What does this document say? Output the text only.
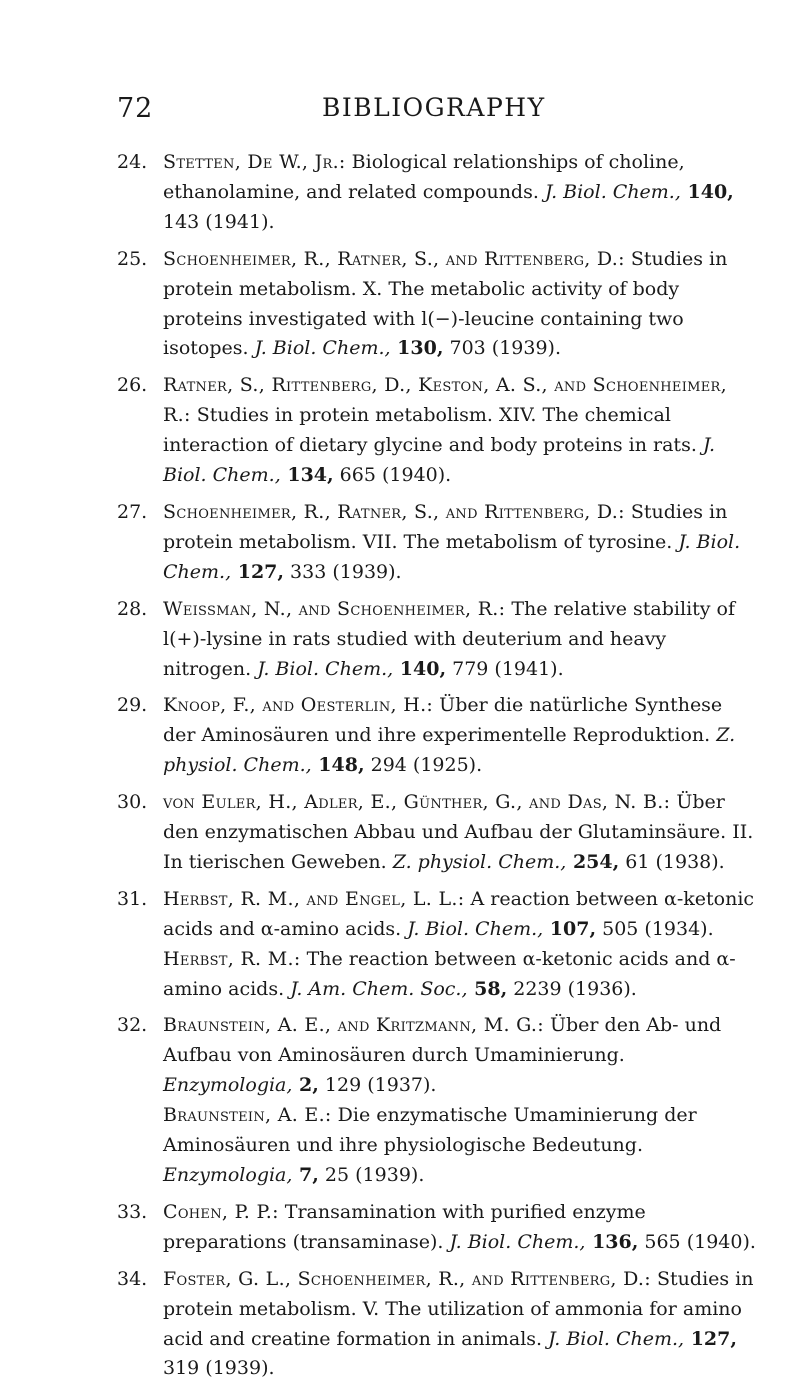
72	BIBLIOGRAPHY
24. Stetten, De W., Jr.: Biological relationships of choline, ethanolamine, and related compounds. J. Biol. Chem., 140, 143 (1941).

25. Schoenheimer, R., Ratner, S., and Rittenberg, D.: Studies in protein metabolism. X. The metabolic activity of body proteins investigated with l(−)-leucine containing two isotopes. J. Biol. Chem., 130, 703 (1939).

26. Ratner, S., Rittenberg, D., Keston, A. S., and Schoenheimer, R.: Studies in protein metabolism. XIV. The chemical interaction of dietary glycine and body proteins in rats. J. Biol. Chem., 134, 665 (1940).

27. Schoenheimer, R., Ratner, S., and Rittenberg, D.: Studies in protein metabolism. VII. The metabolism of tyrosine. J. Biol. Chem., 127, 333 (1939).

28. Weissman, N., and Schoenheimer, R.: The relative stability of l(+)-lysine in rats studied with deuterium and heavy nitrogen. J. Biol. Chem., 140, 779 (1941).

29. Knoop, F., and Oesterlin, H.: Über die natürliche Synthese der Aminosäuren und ihre experimentelle Reproduktion. Z. physiol. Chem., 148, 294 (1925).

30. von Euler, H., Adler, E., Günther, G., and Das, N. B.: Über den enzymatischen Abbau und Aufbau der Glutaminsäure. II. In tierischen Geweben. Z. physiol. Chem., 254, 61 (1938).

31. Herbst, R. M., and Engel, L. L.: A reaction between α-ketonic acids and α-amino acids. J. Biol. Chem., 107, 505 (1934).

Herbst, R. M.: The reaction between α-ketonic acids and α-amino acids. J. Am. Chem. Soc., 58, 2239 (1936).

32. Braunstein, A. E., and Kritzmann, M. G.: Über den Ab- und Aufbau von Aminosäuren durch Umaminierung. Enzymologia, 2, 129 (1937).

Braunstein, A. E.: Die enzymatische Umaminierung der Aminosäuren und ihre physiologische Bedeutung. Enzymologia, 7, 25 (1939).

33. Cohen, P. P.: Transamination with purified enzyme preparations (transaminase). J. Biol. Chem., 136, 565 (1940).

34. Foster, G. L., Schoenheimer, R., and Rittenberg, D.: Studies in protein metabolism. V. The utilization of ammonia for amino acid and creatine formation in animals. J. Biol. Chem., 127, 319 (1939).
